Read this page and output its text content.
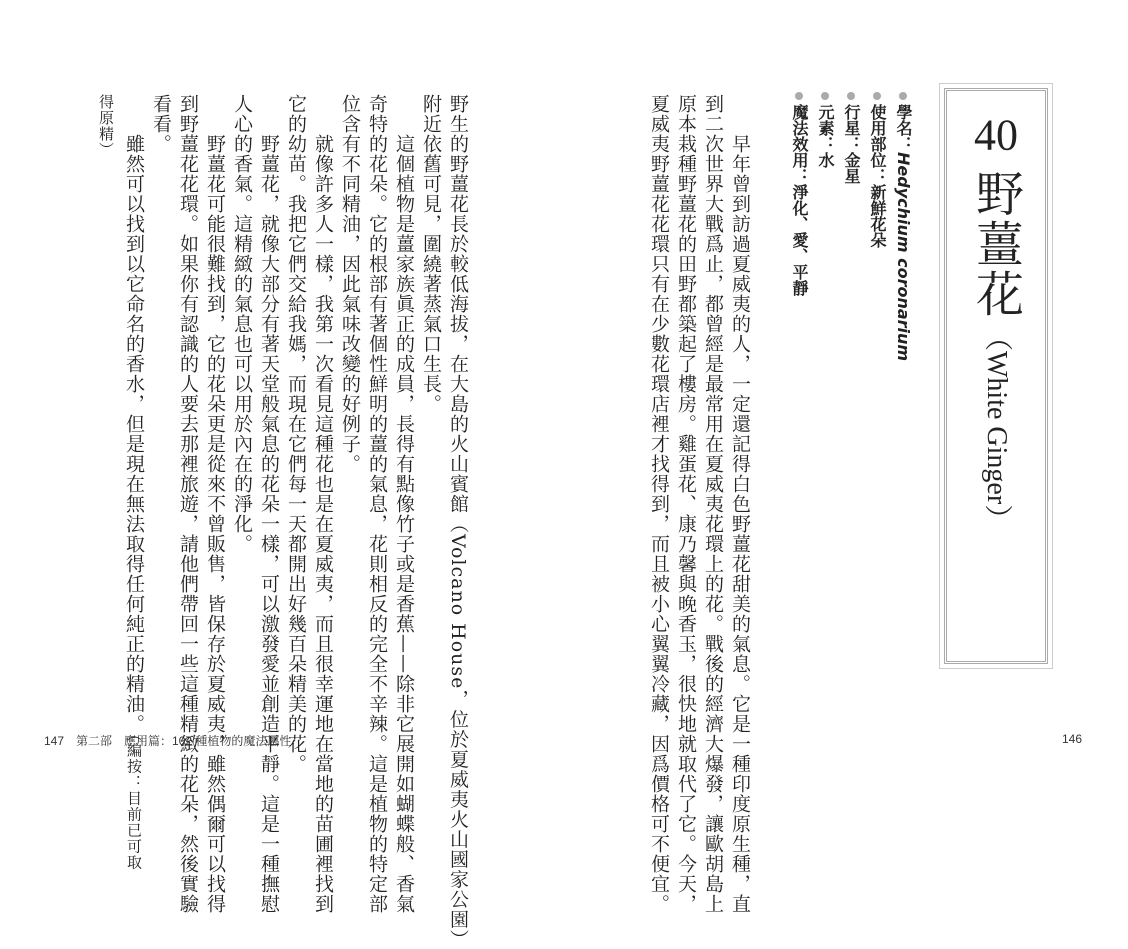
40
野薑花
（White Ginger）
學名：Hedychium coronarium
使用部位：新鮮花朵
行星：金星
元素：水
魔法效用：淨化、愛、平靜
　　早年曾到訪過夏威夷的人，一定還記得白色野薑花甜美的氣息。它是一種印度原生種，直
到二次世界大戰爲止，都曾經是最常用在夏威夷花環上的花。戰後的經濟大爆發，讓歐胡島上
原本栽種野薑花的田野都築起了樓房。雞蛋花、康乃馨與晚香玉，很快地就取代了它。今天，
夏威夷野薑花花環只有在少數花環店裡才找得到，而且被小心翼翼冷藏，因爲價格可不便宜。	146
野生的野薑花長於較低海拔，在大島的火山賓館（Volcano House，位於夏威夷火山國家公園）
附近依舊可見，圍繞著蒸氣口生長。
　　這個植物是薑家族眞正的成員，長得有點像竹子或是香蕉——除非它展開如蝴蝶般、香氣
奇特的花朵。它的根部有著個性鮮明的薑的氣息，花則相反的完全不辛辣。這是植物的特定部
位含有不同精油，因此氣味改變的好例子。
　　就像許多人一樣，我第一次看見這種花也是在夏威夷，而且很幸運地在當地的苗圃裡找到
它的幼苗。我把它們交給我媽，而現在它們每一天都開出好幾百朵精美的花。
　　野薑花，就像大部分有著天堂般氣息的花朵一樣，可以激發愛並創造平靜。這是一種撫慰
人心的香氣。這精緻的氣息也可以用於內在的淨化。
　　野薑花可能很難找到，它的花朵更是從來不曾販售，皆保存於夏威夷，雖然偶爾可以找得
到野薑花花環。如果你有認識的人要去那裡旅遊，請他們帶回一些這種精緻的花朵，然後實驗
看看。
　　雖然可以找到以它命名的香水，但是現在無法取得任何純正的精油。（編按：目前已可取
得原精）
147　 第二部　應用篇：102 種植物的魔法屬性
